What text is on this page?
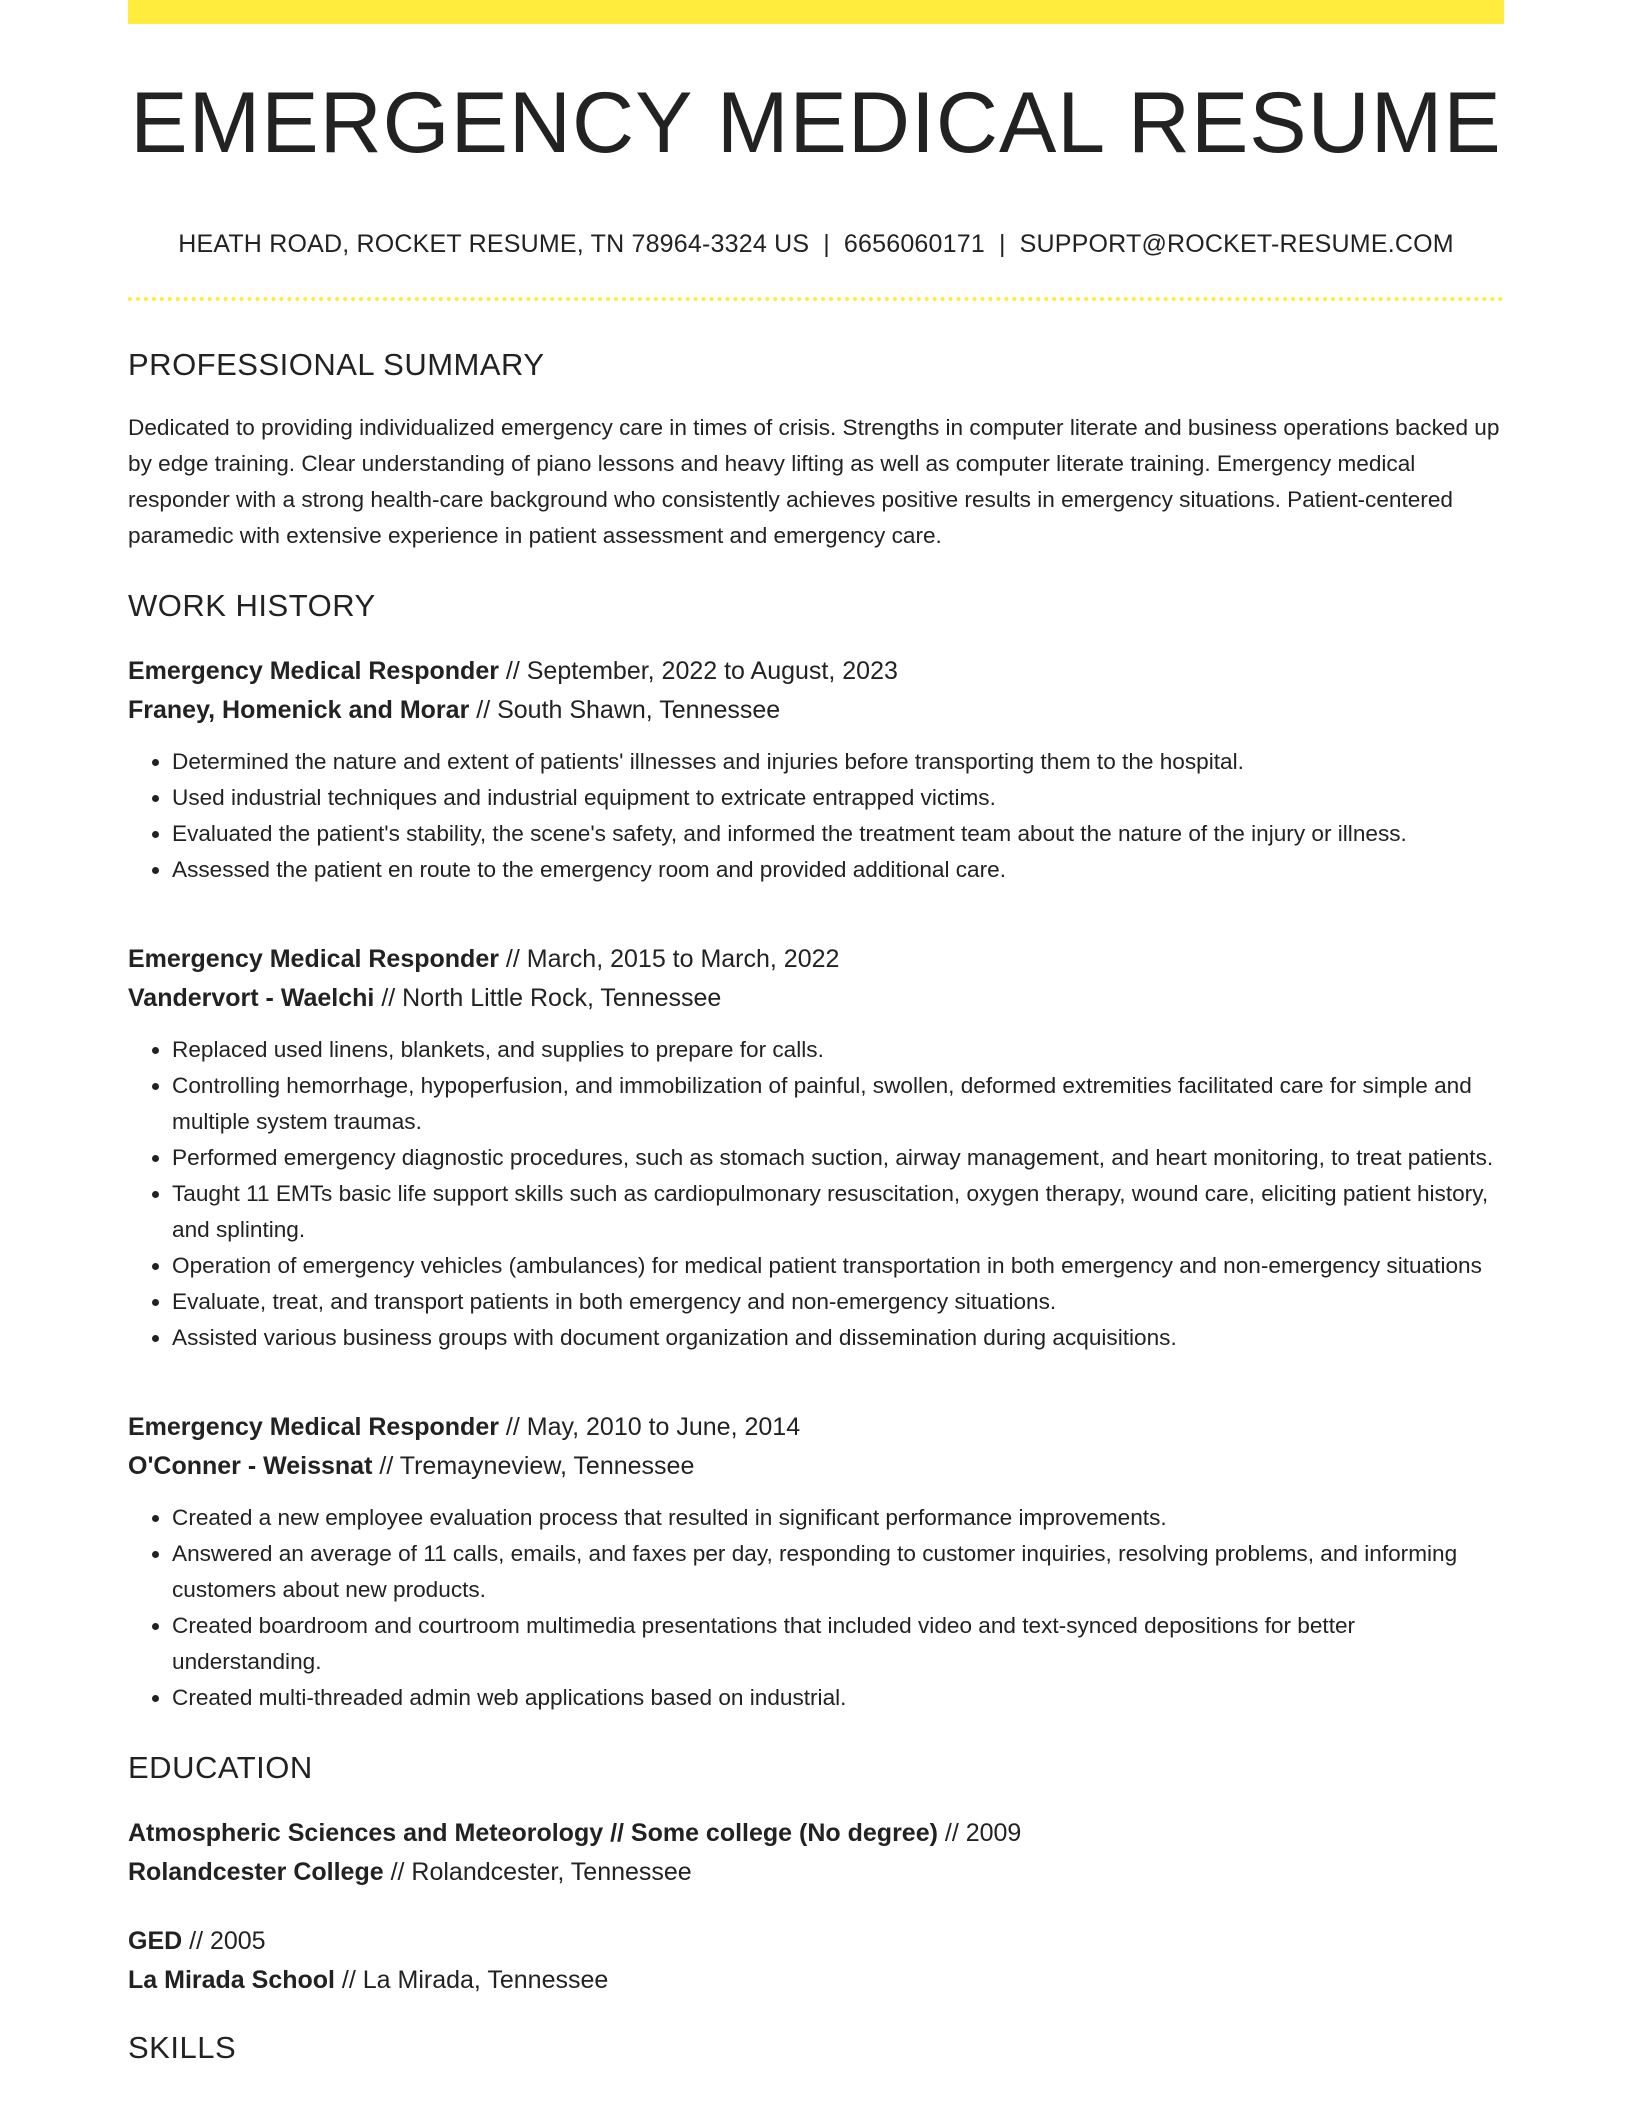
EMERGENCY MEDICAL RESUME
HEATH ROAD, ROCKET RESUME, TN 78964-3324 US | 6656060171 | SUPPORT@ROCKET-RESUME.COM
PROFESSIONAL SUMMARY

Dedicated to providing individualized emergency care in times of crisis. Strengths in computer literate and business operations backed up by edge training. Clear understanding of piano lessons and heavy lifting as well as computer literate training. Emergency medical responder with a strong health-care background who consistently achieves positive results in emergency situations. Patient-centered paramedic with extensive experience in patient assessment and emergency care.

WORK HISTORY
Emergency Medical Responder // September, 2022 to August, 2023
Franey, Homenick and Morar // South Shawn, Tennessee
• Determined the nature and extent of patients' illnesses and injuries before transporting them to the hospital.
• Used industrial techniques and industrial equipment to extricate entrapped victims.
• Evaluated the patient's stability, the scene's safety, and informed the treatment team about the nature of the injury or illness.
• Assessed the patient en route to the emergency room and provided additional care.
Emergency Medical Responder // March, 2015 to March, 2022
Vandervort - Waelchi // North Little Rock, Tennessee
• Replaced used linens, blankets, and supplies to prepare for calls.
• Controlling hemorrhage, hypoperfusion, and immobilization of painful, swollen, deformed extremities facilitated care for simple and multiple system traumas.
• Performed emergency diagnostic procedures, such as stomach suction, airway management, and heart monitoring, to treat patients.
• Taught 11 EMTs basic life support skills such as cardiopulmonary resuscitation, oxygen therapy, wound care, eliciting patient history, and splinting.
• Operation of emergency vehicles (ambulances) for medical patient transportation in both emergency and non-emergency situations
• Evaluate, treat, and transport patients in both emergency and non-emergency situations.
• Assisted various business groups with document organization and dissemination during acquisitions.
Emergency Medical Responder // May, 2010 to June, 2014
O'Conner - Weissnat // Tremayneview, Tennessee
• Created a new employee evaluation process that resulted in significant performance improvements.
• Answered an average of 11 calls, emails, and faxes per day, responding to customer inquiries, resolving problems, and informing customers about new products.
• Created boardroom and courtroom multimedia presentations that included video and text-synced depositions for better understanding.
• Created multi-threaded admin web applications based on industrial.
EDUCATION
Atmospheric Sciences and Meteorology // Some college (No degree) // 2009
Rolandcester College // Rolandcester, Tennessee
GED // 2005
La Mirada School // La Mirada, Tennessee
SKILLS
